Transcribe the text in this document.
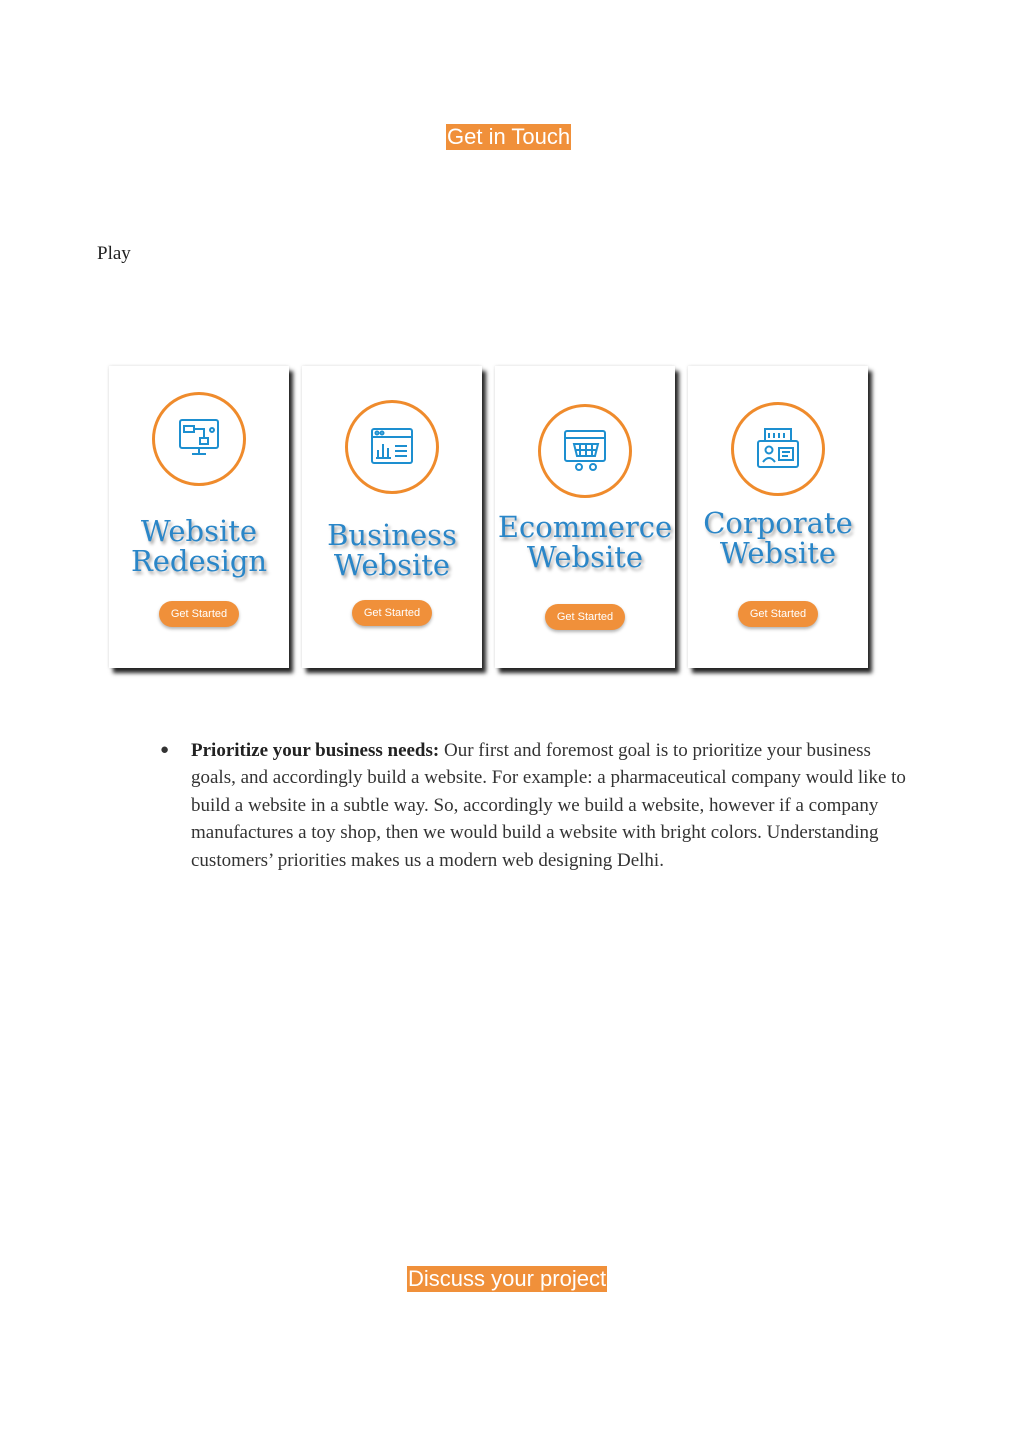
Get in Touch
Play
Website
Redesign
Get Started
Business
Website
Get Started
Ecommerce
Website
Get Started
Corporate
Website
Get Started
● Prioritize your business needs: Our first and foremost goal is to prioritize your business goals, and accordingly build a website. For example: a pharmaceutical company would like to build a website in a subtle way. So, accordingly we build a website, however if a company manufactures a toy shop, then we would build a website with bright colors. Understanding customers’ priorities makes us a modern web designing Delhi.
Discuss your project
